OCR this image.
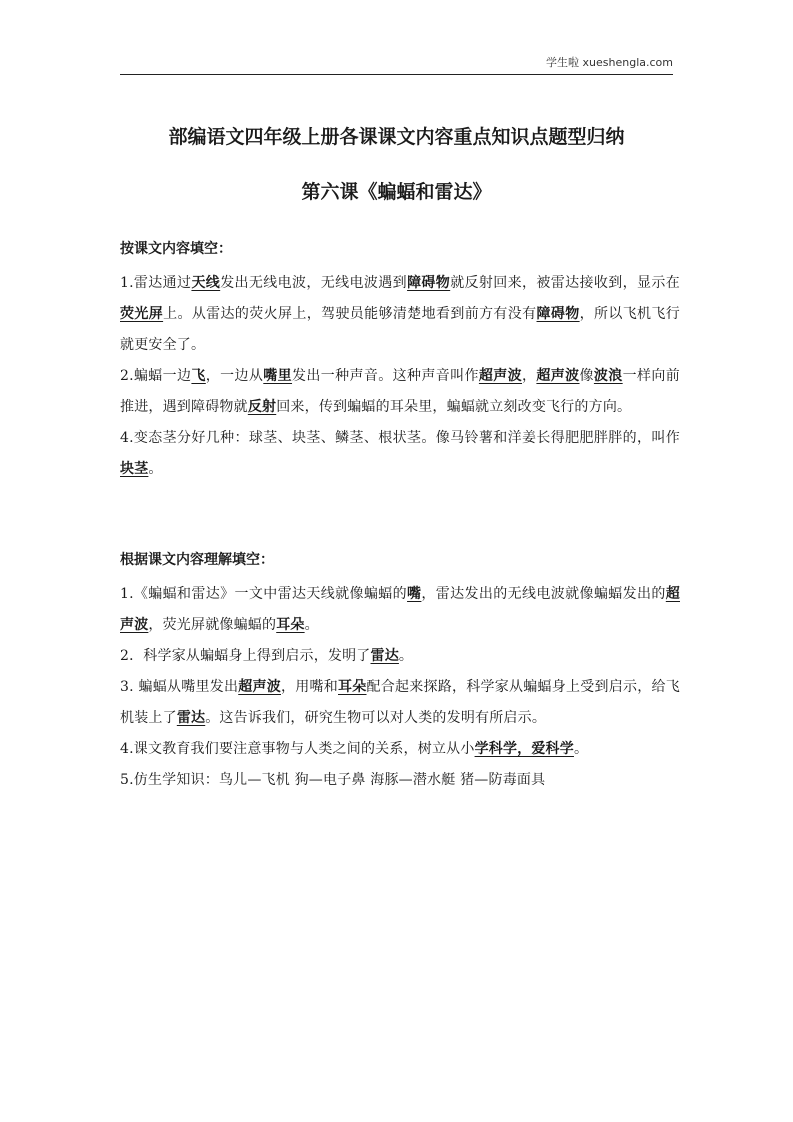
学生啦 xueshengla.com
部编语文四年级上册各课课文内容重点知识点题型归纳
第六课《蝙蝠和雷达》
按课文内容填空：

1.雷达通过天线发出无线电波，无线电波遇到障碍物就反射回来，被雷达接收到，显示在荧光屏上。从雷达的荧火屏上，驾驶员能够清楚地看到前方有没有障碍物，所以飞机飞行就更安全了。

2.蝙蝠一边飞，一边从嘴里发出一种声音。这种声音叫作超声波，超声波像波浪一样向前推进，遇到障碍物就反射回来，传到蝙蝠的耳朵里，蝙蝠就立刻改变飞行的方向。

4.变态茎分好几种：球茎、块茎、鳞茎、根状茎。像马铃薯和洋姜长得肥肥胖胖的，叫作块茎。

根据课文内容理解填空：

1.《蝙蝠和雷达》一文中雷达天线就像蝙蝠的嘴，雷达发出的无线电波就像蝙蝠发出的超声波，荧光屏就像蝙蝠的耳朵。

2．科学家从蝙蝠身上得到启示，发明了雷达。

3. 蝙蝠从嘴里发出超声波，用嘴和耳朵配合起来探路，科学家从蝙蝠身上受到启示，给飞机装上了雷达。这告诉我们，研究生物可以对人类的发明有所启示。

4.课文教育我们要注意事物与人类之间的关系，树立从小学科学，爱科学。

5.仿生学知识：鸟儿—飞机 狗—电子鼻 海豚—潜水艇 猪—防毒面具
